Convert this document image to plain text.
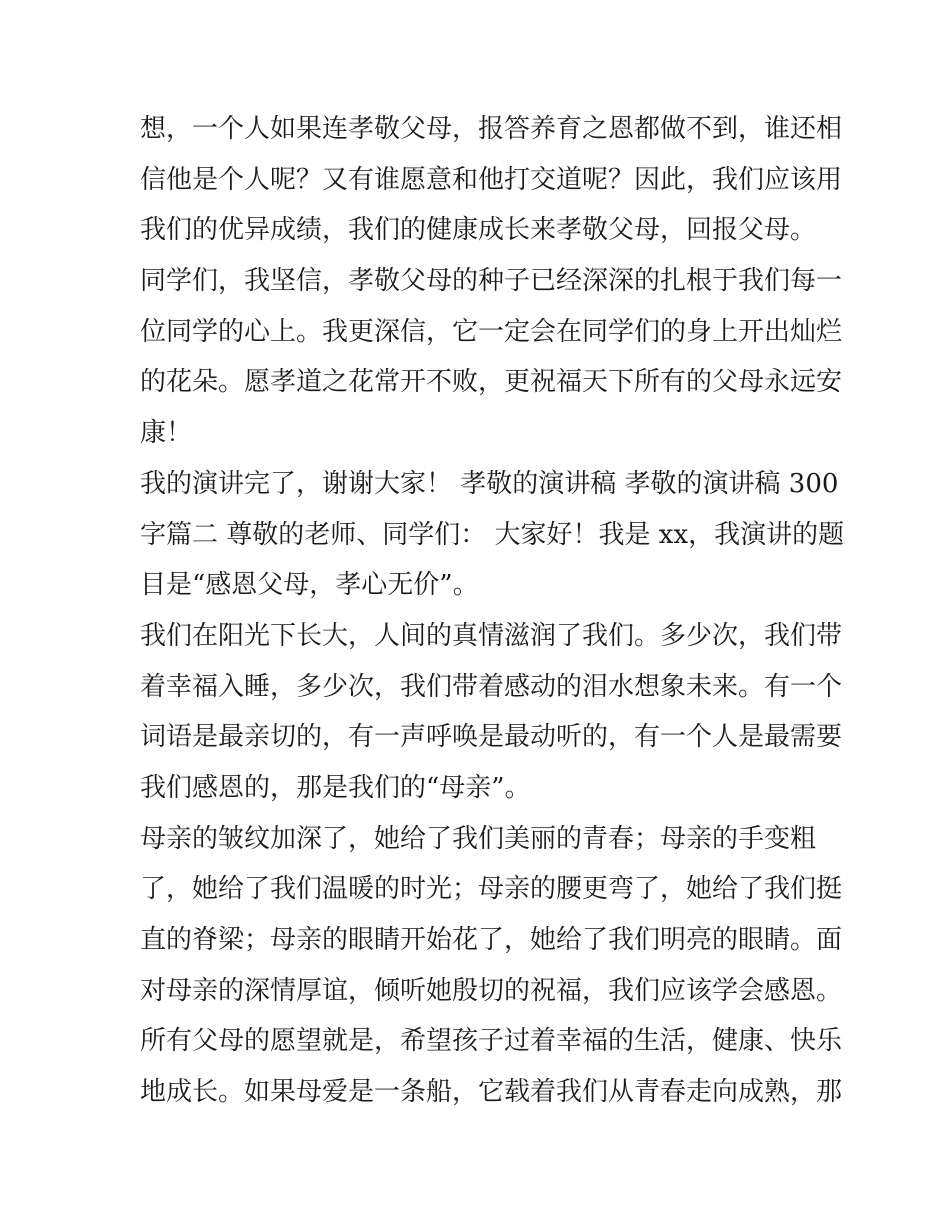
想，一个人如果连孝敬父母，报答养育之恩都做不到，谁还相
信他是个人呢？又有谁愿意和他打交道呢？因此，我们应该用
我们的优异成绩，我们的健康成长来孝敬父母，回报父母。
同学们，我坚信，孝敬父母的种子已经深深的扎根于我们每一
位同学的心上。我更深信，它一定会在同学们的身上开出灿烂
的花朵。愿孝道之花常开不败，更祝福天下所有的父母永远安
康！
我的演讲完了，谢谢大家！ 孝敬的演讲稿 孝敬的演讲稿 300
字篇二 尊敬的老师、同学们： 大家好！我是 xx，我演讲的题
目是“感恩父母，孝心无价”。
我们在阳光下长大，人间的真情滋润了我们。多少次，我们带
着幸福入睡，多少次，我们带着感动的泪水想象未来。有一个
词语是最亲切的，有一声呼唤是最动听的，有一个人是最需要
我们感恩的，那是我们的“母亲”。
母亲的皱纹加深了，她给了我们美丽的青春；母亲的手变粗
了，她给了我们温暖的时光；母亲的腰更弯了，她给了我们挺
直的脊梁；母亲的眼睛开始花了，她给了我们明亮的眼睛。面
对母亲的深情厚谊，倾听她殷切的祝福，我们应该学会感恩。
所有父母的愿望就是，希望孩子过着幸福的生活，健康、快乐
地成长。如果母爱是一条船，它载着我们从青春走向成熟，那
